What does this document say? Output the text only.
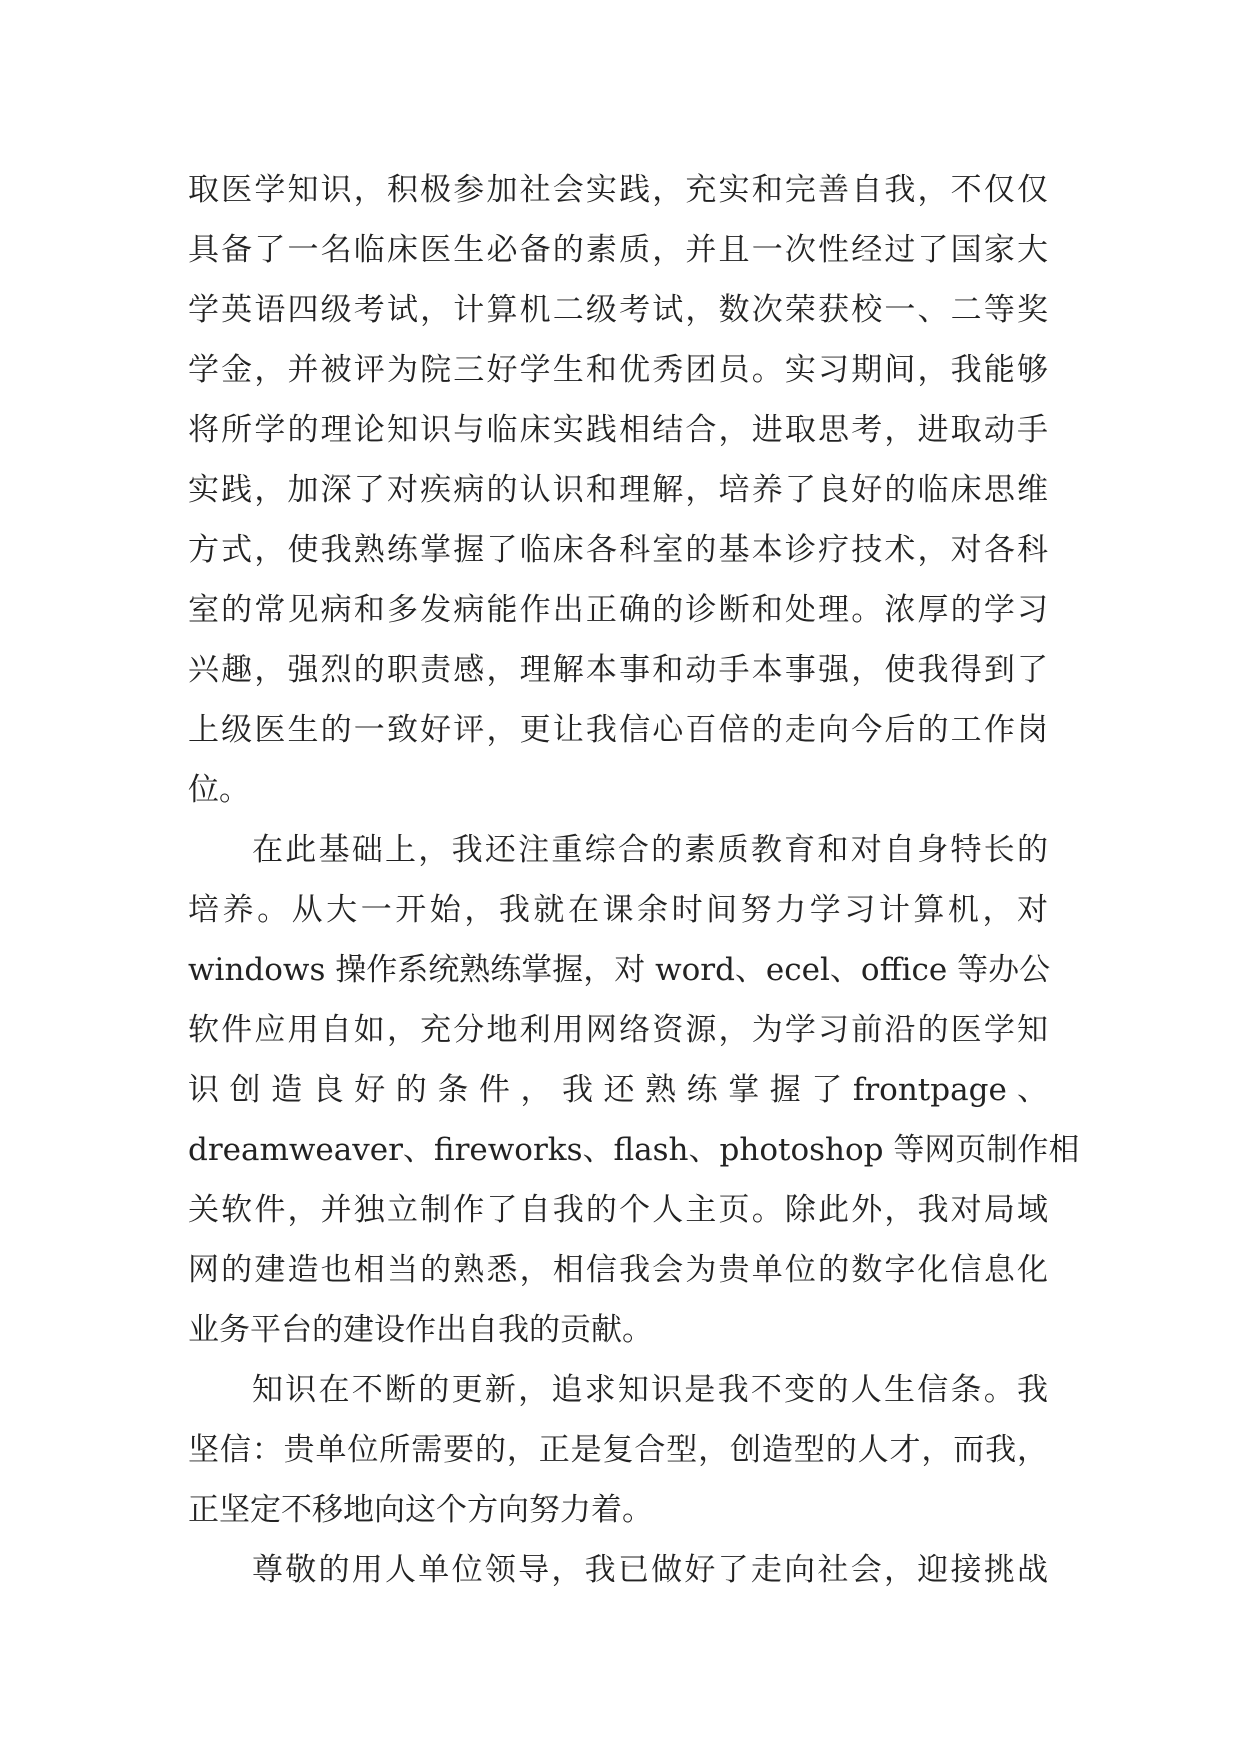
取医学知识，积极参加社会实践，充实和完善自我，不仅仅
具备了一名临床医生必备的素质，并且一次性经过了国家大
学英语四级考试，计算机二级考试，数次荣获校一、二等奖
学金，并被评为院三好学生和优秀团员。实习期间，我能够
将所学的理论知识与临床实践相结合，进取思考，进取动手
实践，加深了对疾病的认识和理解，培养了良好的临床思维
方式，使我熟练掌握了临床各科室的基本诊疗技术，对各科
室的常见病和多发病能作出正确的诊断和处理。浓厚的学习
兴趣，强烈的职责感，理解本事和动手本事强，使我得到了
上级医生的一致好评，更让我信心百倍的走向今后的工作岗
位。
在此基础上，我还注重综合的素质教育和对自身特长的
培养。从大一开始，我就在课余时间努力学习计算机，对
windows 操作系统熟练掌握，对 word、ecel、office 等办公
软件应用自如，充分地利用网络资源，为学习前沿的医学知
识 创 造 良 好 的 条 件 ， 我 还 熟 练 掌 握 了 frontpage 、
dreamweaver、fireworks、flash、photoshop 等网页制作相
关软件，并独立制作了自我的个人主页。除此外，我对局域
网的建造也相当的熟悉，相信我会为贵单位的数字化信息化
业务平台的建设作出自我的贡献。
知识在不断的更新，追求知识是我不变的人生信条。我
坚信：贵单位所需要的，正是复合型，创造型的人才，而我，
正坚定不移地向这个方向努力着。
尊敬的用人单位领导，我已做好了走向社会，迎接挑战
